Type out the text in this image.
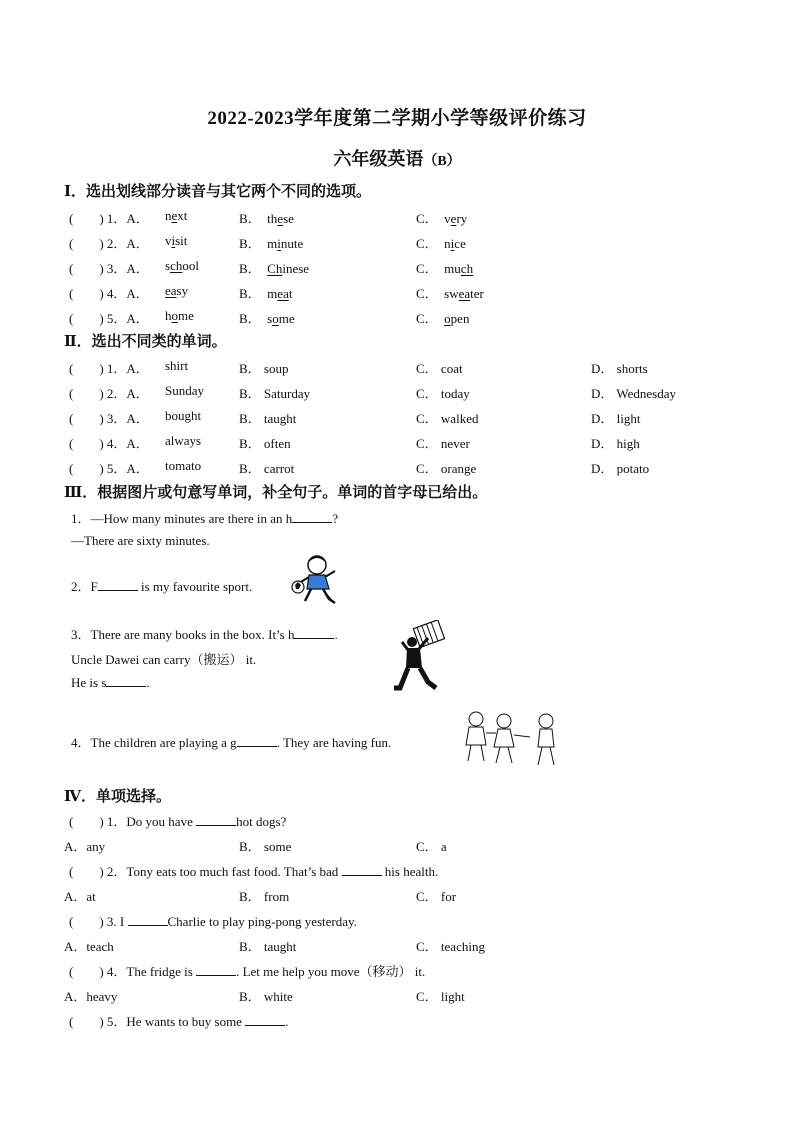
2022-2023学年度第二学期小学等级评价练习
六年级英语（B）
Ⅰ．选出划线部分读音与其它两个不同的选项。
(　　) 1．A． next	B． these	C． very
(　　) 2．A． visit	B． minute	C． nice
(　　) 3．A． school	B． Chinese	C． much
(　　) 4．A． easy	B． meat	C． sweater
(　　) 5．A． home	B． some	C． open
Ⅱ．选出不同类的单词。
(　　) 1．A． shirt	B． soup	C． coat	D． shorts
(　　) 2．A． Sunday	B． Saturday	C． today	D． Wednesday
(　　) 3．A． bought	B． taught	C． walked	D． light
(　　) 4．A． always	B． often	C． never	D． high
(　　) 5．A． tomato	B． carrot	C． orange	D． potato
Ⅲ．根据图片或句意写单词，补全句子。单词的首字母已给出。
1．—How many minutes are there in an h	?
—There are sixty minutes.
2．F	is my favourite sport.
3．There are many books in the box. It’s h	.
Uncle Dawei can carry（搬运） it.
He is s	.
4．The children are playing a g	. They are having fun.
Ⅳ．单项选择。
(　　) 1．Do you have	hot dogs?
A．any	B． some	C． a
(　　) 2．Tony eats too much fast food. That’s bad	his health.
A．at	B． from	C． for
(　　) 3. I	Charlie to play ping-pong yesterday.
A．teach	B． taught	C． teaching
(　　) 4．The fridge is	. Let me help you move（移动） it.
A．heavy	B． white	C． light
(　　) 5．He wants to buy some	.
